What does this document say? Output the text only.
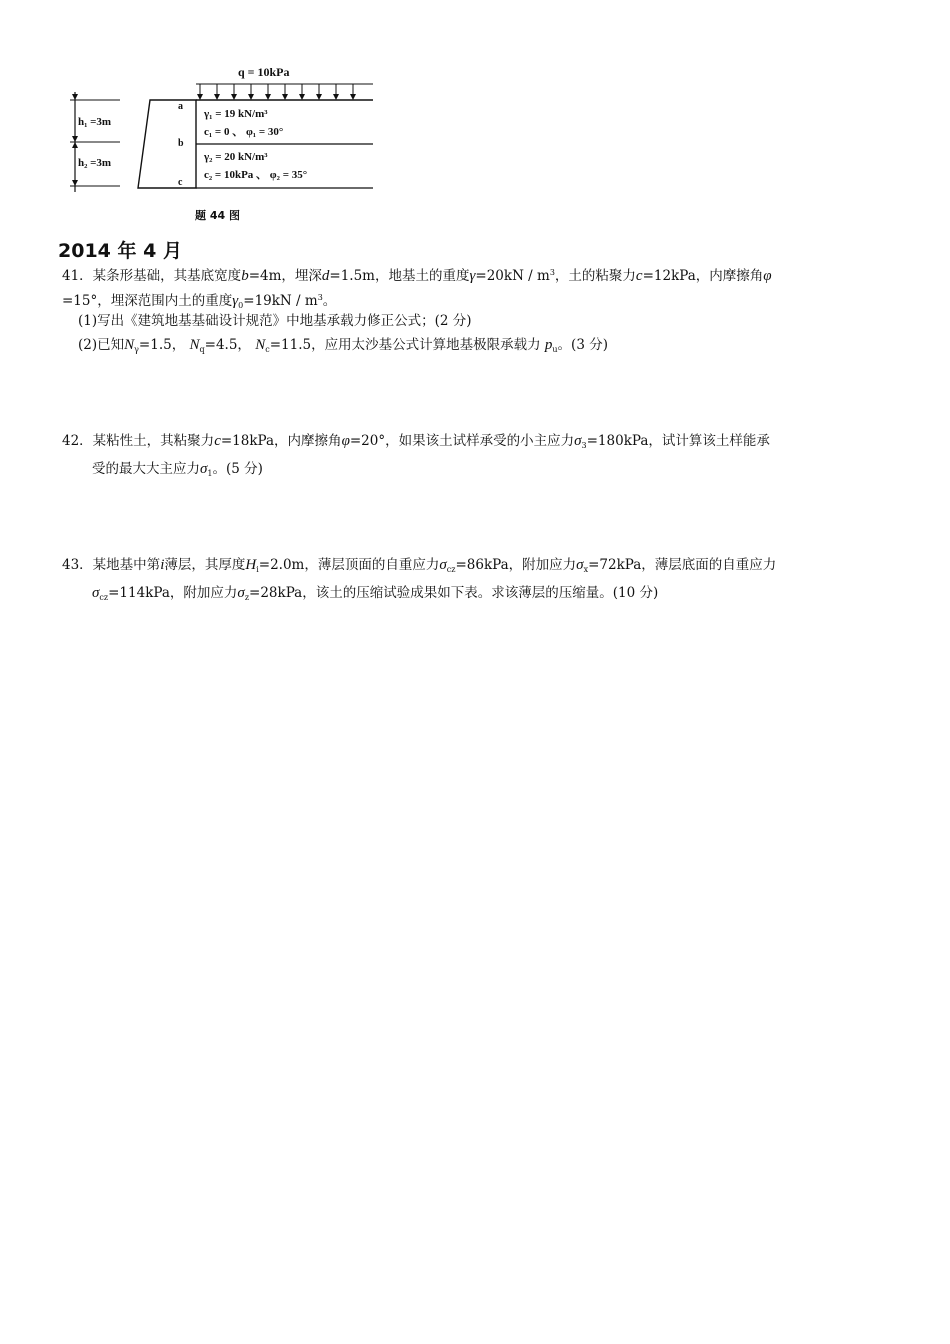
h₁ =3m
h₂ =3m
q = 10kPa
a
b
c
γ₁ = 19 kN/m³
c₁ = 0 、 φ₁ = 30°
γ₂ = 20 kN/m³
c₂ = 10kPa 、 φ₂ = 35°
题 44 图
2014 年 4 月
41．某条形基础，其基底宽度b=4m，埋深d=1.5m，地基土的重度$\gamma=20kN / m^3$，土的粘聚力c=12kPa，内摩擦角φ
=15°，埋深范围内土的重度$\gamma_0=19kN / m^3$。
(1)写出《建筑地基基础设计规范》中地基承载力修正公式；(2 分)
(2)已知$N_\gamma=1.5$， $N_q=4.5$， $N_c=11.5$，应用太沙基公式计算地基极限承载力 $p_u$。(3 分)
42．某粘性土，其粘聚力c=18kPa，内摩擦角φ=20°，如果该土试样承受的小主应力$\sigma_3=180kPa$，试计算该土样能承
受的最大大主应力$\sigma_1$。(5 分)
43．某地基中第i薄层，其厚度$H_i=2.0m$，薄层顶面的自重应力$\sigma_{cz}=86kPa$，附加应力$\sigma_x=72kPa$，薄层底面的自重应力
$\sigma_{cz}=114kPa$，附加应力$\sigma_z=28kPa$，该土的压缩试验成果如下表。求该薄层的压缩量。(10 分)
